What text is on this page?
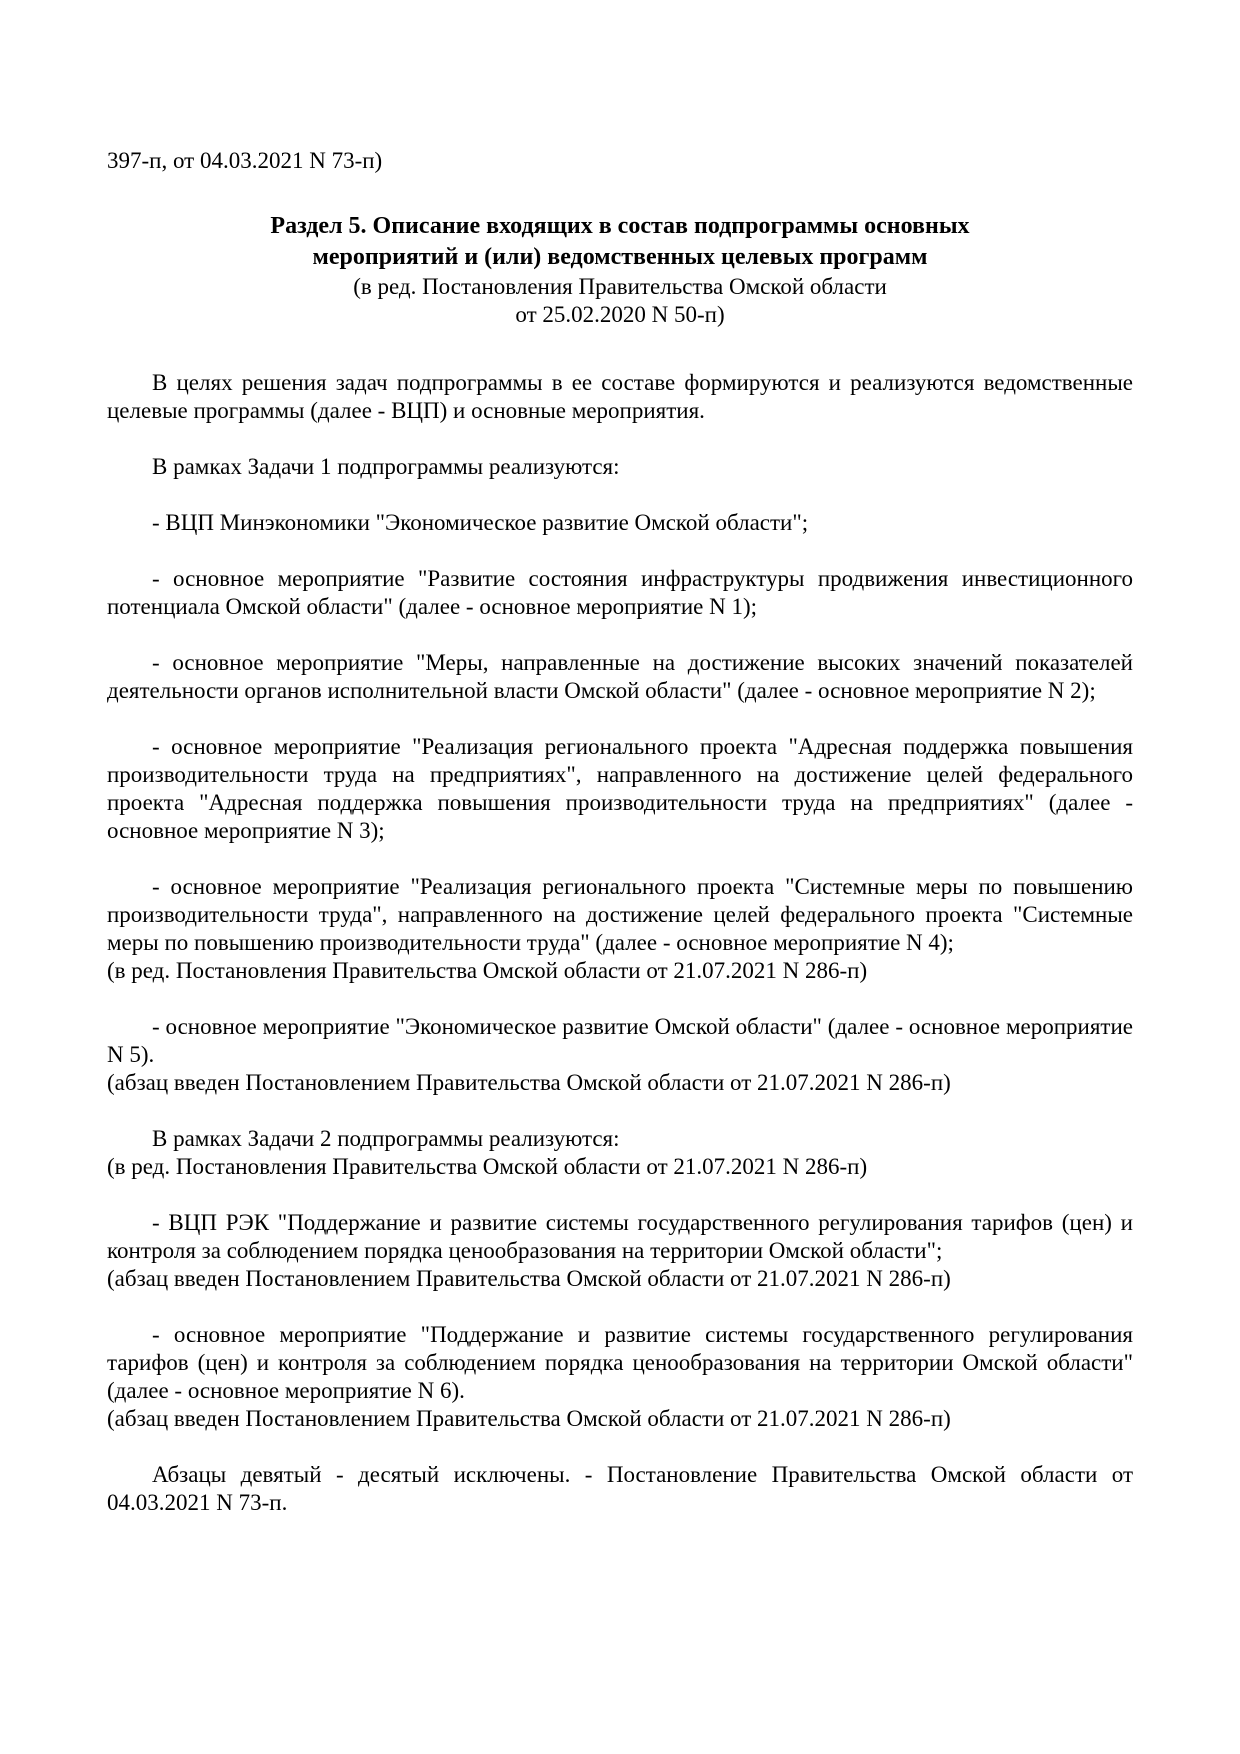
397-п, от 04.03.2021 N 73-п)

Раздел 5. Описание входящих в состав подпрограммы основных
мероприятий и (или) ведомственных целевых программ
(в ред. Постановления Правительства Омской области
от 25.02.2020 N 50-п)

В целях решения задач подпрограммы в ее составе формируются и реализуются ведомственные целевые программы (далее - ВЦП) и основные мероприятия.

В рамках Задачи 1 подпрограммы реализуются:

- ВЦП Минэкономики "Экономическое развитие Омской области";

- основное мероприятие "Развитие состояния инфраструктуры продвижения инвестиционного потенциала Омской области" (далее - основное мероприятие N 1);

- основное мероприятие "Меры, направленные на достижение высоких значений показателей деятельности органов исполнительной власти Омской области" (далее - основное мероприятие N 2);

- основное мероприятие "Реализация регионального проекта "Адресная поддержка повышения производительности труда на предприятиях", направленного на достижение целей федерального проекта "Адресная поддержка повышения производительности труда на предприятиях" (далее - основное мероприятие N 3);

- основное мероприятие "Реализация регионального проекта "Системные меры по повышению производительности труда", направленного на достижение целей федерального проекта "Системные меры по повышению производительности труда" (далее - основное мероприятие N 4);

(в ред. Постановления Правительства Омской области от 21.07.2021 N 286-п)

- основное мероприятие "Экономическое развитие Омской области" (далее - основное мероприятие N 5).

(абзац введен Постановлением Правительства Омской области от 21.07.2021 N 286-п)

В рамках Задачи 2 подпрограммы реализуются:

(в ред. Постановления Правительства Омской области от 21.07.2021 N 286-п)

- ВЦП РЭК "Поддержание и развитие системы государственного регулирования тарифов (цен) и контроля за соблюдением порядка ценообразования на территории Омской области";

(абзац введен Постановлением Правительства Омской области от 21.07.2021 N 286-п)

- основное мероприятие "Поддержание и развитие системы государственного регулирования тарифов (цен) и контроля за соблюдением порядка ценообразования на территории Омской области" (далее - основное мероприятие N 6).

(абзац введен Постановлением Правительства Омской области от 21.07.2021 N 286-п)

Абзацы девятый - десятый исключены. - Постановление Правительства Омской области от 04.03.2021 N 73-п.
